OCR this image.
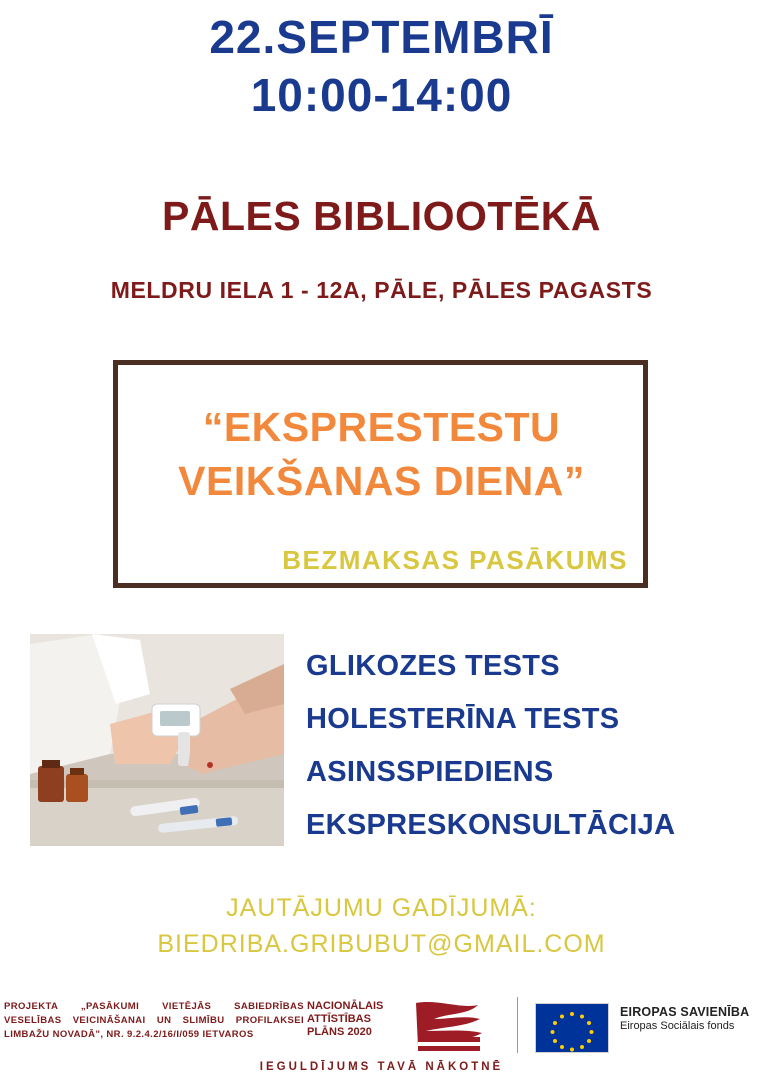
22.SEPTEMBRĪ
10:00-14:00
PĀLES BIBLIOOTĒKĀ
MELDRU IELA 1 - 12A, PĀLE, PĀLES PAGASTS
“EKSPRESTESTU
VEIKŠANAS DIENA”
BEZMAKSAS PASĀKUMS
GLIKOZES TESTS
HOLESTERĪNA TESTS
ASINSSPIEDIENS
EKSPRESKONSULTĀCIJA
JAUTĀJUMU GADĪJUMĀ:
BIEDRIBA.GRIBUBUT@GMAIL.COM
PROJEKTA „PASĀKUMI VIETĒJĀS SABIEDRĪBAS VESELĪBAS VEICINĀŠANAI UN SLIMĪBU PROFILAKSEI LIMBAŽU NOVADĀ", NR. 9.2.4.2/16/I/059 IETVAROS
NACIONĀLAIS ATTĪSTĪBAS PLĀNS 2020
EIROPAS SAVIENĪBA
Eiropas Sociālais fonds
IEGULDĪJUMS TAVĀ NĀKOTNĒ
